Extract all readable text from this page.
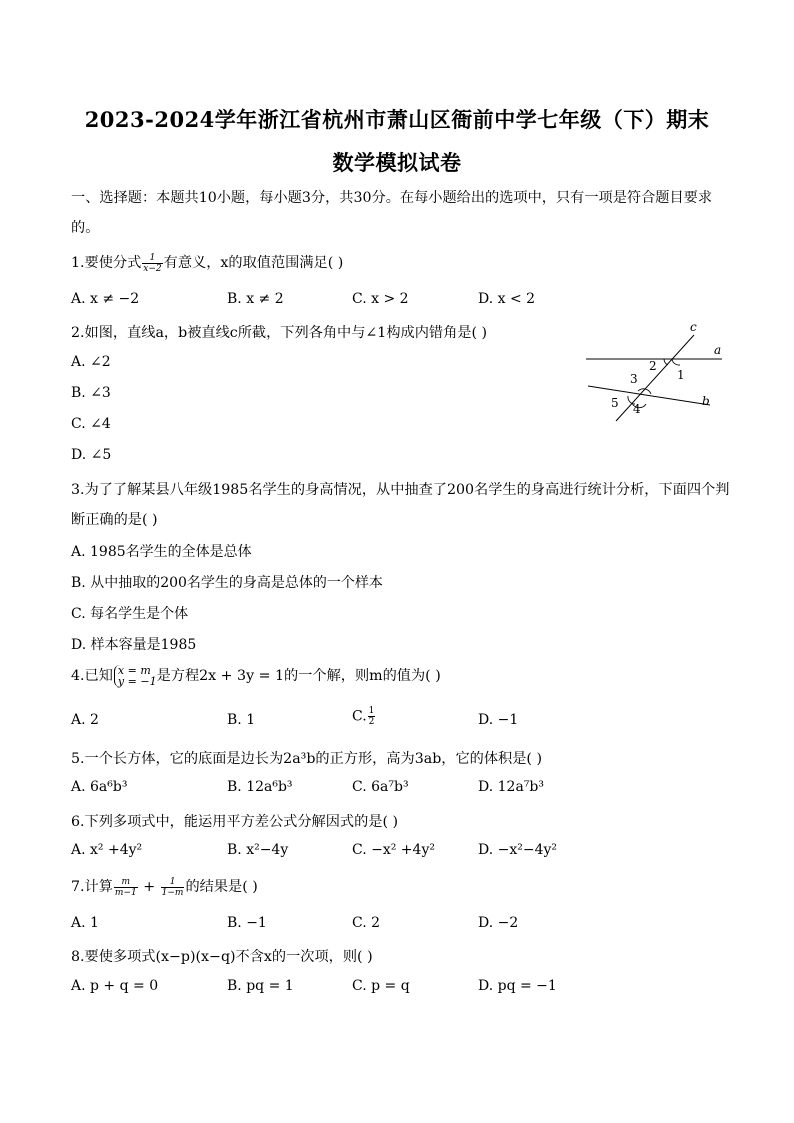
2023-2024学年浙江省杭州市萧山区衙前中学七年级（下）期末
数学模拟试卷
一、选择题：本题共10小题，每小题3分，共30分。在每小题给出的选项中，只有一项是符合题目要求
的。
1.要使分式 $\frac{1}{x-2}$ 有意义，x的取值范围满足( )
A. x ≠ −2	B. x ≠ 2	C. x > 2	D. x < 2
2.如图，直线a，b被直线c所截，下列各角中与∠1构成内错角是( )
A. ∠2
B. ∠3
C. ∠4
D. ∠5
c
a
b
1
2
3
4
5
3.为了了解某县八年级1985名学生的身高情况，从中抽查了200名学生的身高进行统计分析，下面四个判
断正确的是( )
A. 1985名学生的全体是总体
B. 从中抽取的200名学生的身高是总体的一个样本
C. 每名学生是个体
D. 样本容量是1985
4.已知 x = m
y = −1 是方程2x + 3y = 1的一个解，则m的值为( )
A. 2	B. 1	C. $\frac{1}{2}$	D. −1
5.一个长方体，它的底面是边长为2a³b的正方形，高为3ab，它的体积是( )
A. 6a⁶b³	B. 12a⁶b³	C. 6a⁷b³	D. 12a⁷b³
6.下列多项式中，能运用平方差公式分解因式的是( )
A. x² +4y²	B. x²−4y	C. −x² +4y²	D. −x²−4y²
7.计算 $\frac{m}{m-1} + \frac{1}{1-m}$ 的结果是( )
A. 1	B. −1	C. 2	D. −2
8.要使多项式(x−p)(x−q)不含x的一次项，则( )
A. p + q = 0	B. pq = 1	C. p = q	D. pq = −1
